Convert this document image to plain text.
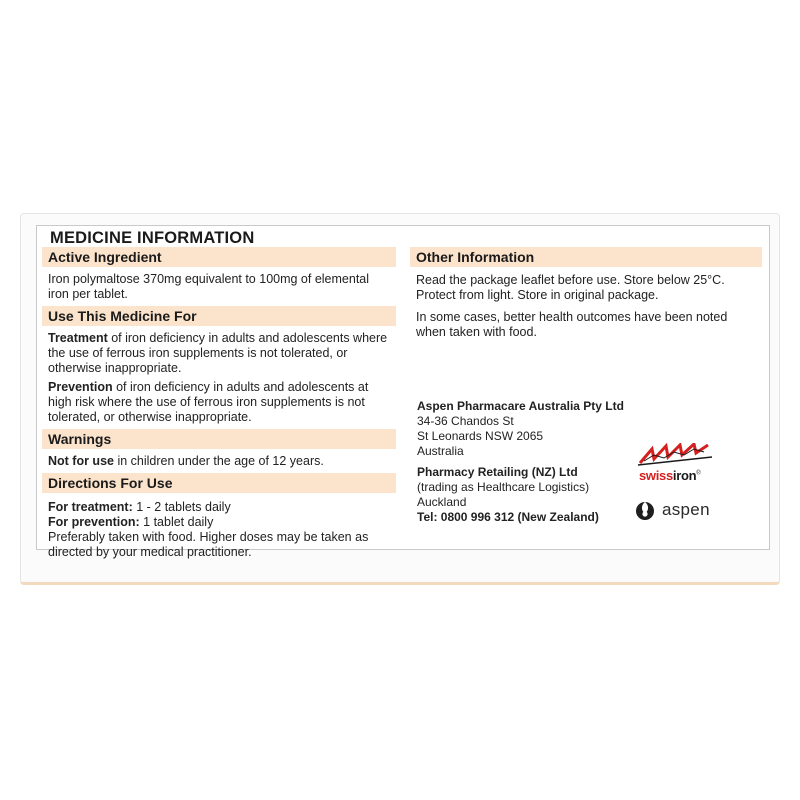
MEDICINE INFORMATION
Active Ingredient

Iron polymaltose 370mg equivalent to 100mg of elemental iron per tablet.

Use This Medicine For

Treatment of iron deficiency in adults and adolescents where the use of ferrous iron supplements is not tolerated, or otherwise inappropriate.

Prevention of iron deficiency in adults and adolescents at high risk where the use of ferrous iron supplements is not tolerated, or otherwise inappropriate.

Warnings

Not for use in children under the age of 12 years.

Directions For Use

For treatment: 1 - 2 tablets daily

For prevention: 1 tablet daily

Preferably taken with food. Higher doses may be taken as directed by your medical practitioner.

Other Information

Read the package leaflet before use. Store below 25°C. Protect from light. Store in original package.

In some cases, better health outcomes have been noted when taken with food.

Aspen Pharmacare Australia Pty Ltd

34-36 Chandos St

St Leonards NSW 2065

Australia

Pharmacy Retailing (NZ) Ltd

(trading as Healthcare Logistics)

Auckland

Tel: 0800 996 312 (New Zealand)

swissiron®
aspen
